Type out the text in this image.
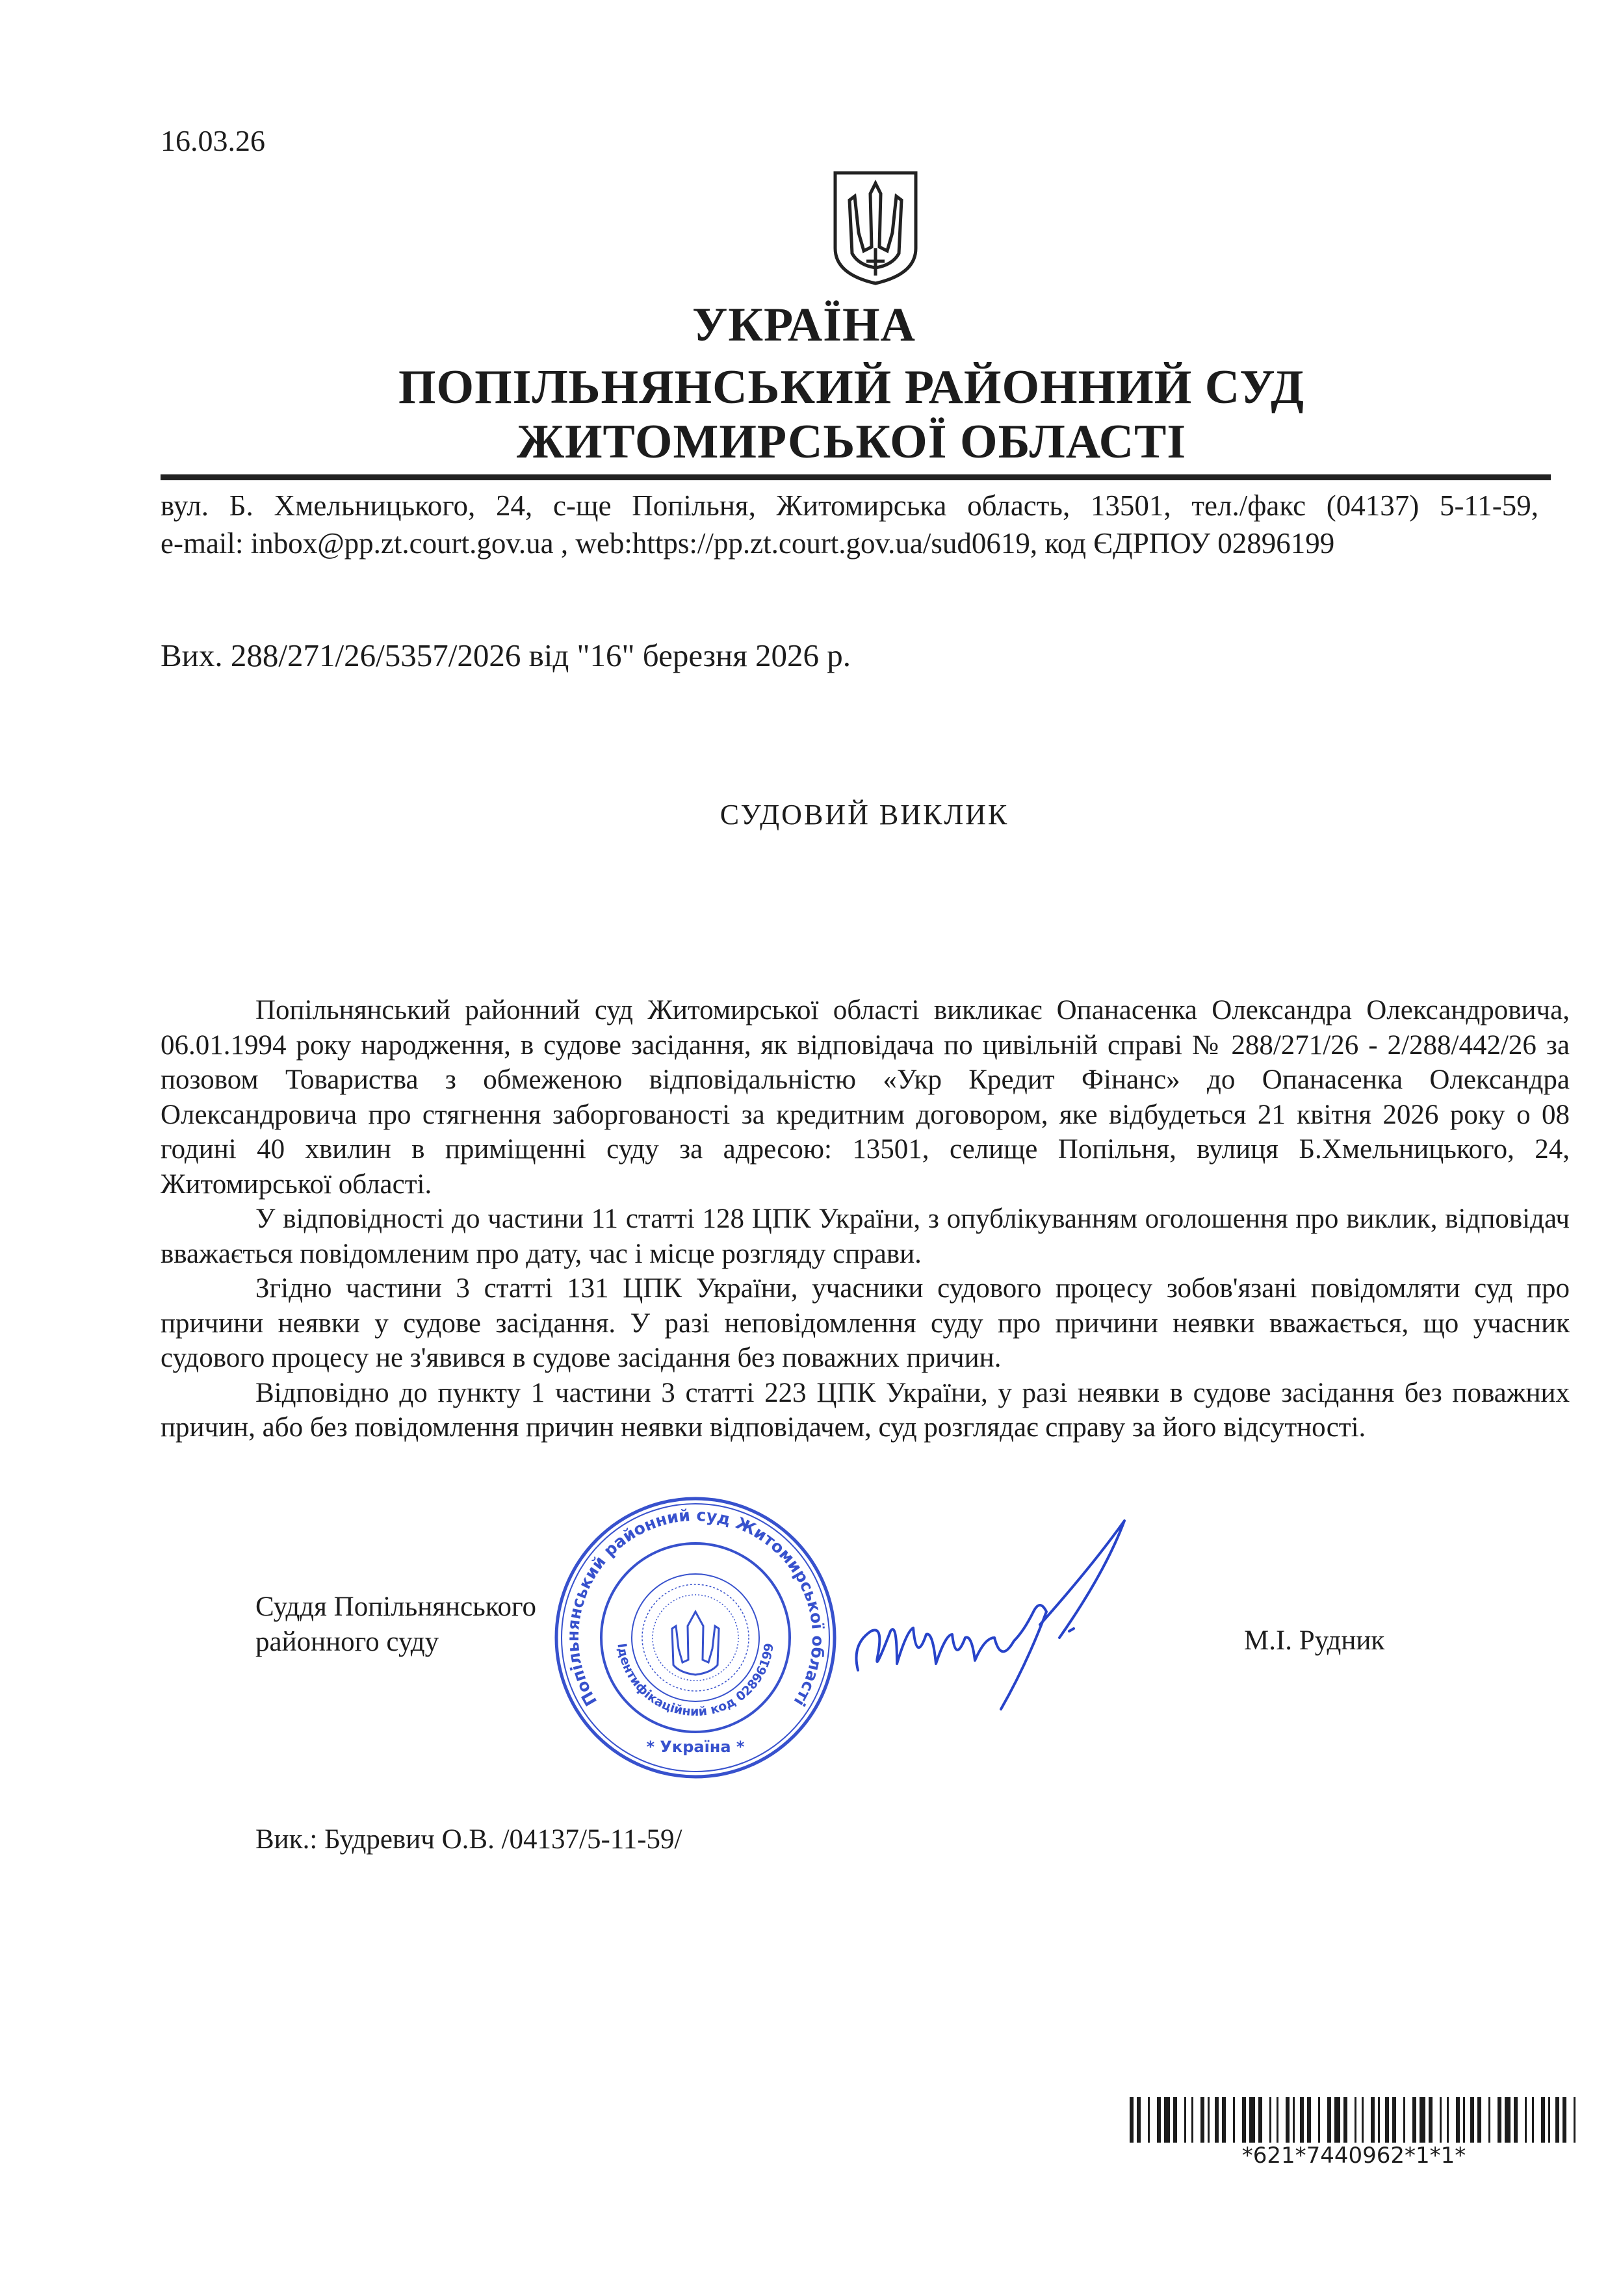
16.03.26
УКРАЇНА
ПОПІЛЬНЯНСЬКИЙ РАЙОННИЙ СУД
ЖИТОМИРСЬКОЇ ОБЛАСТІ
вул. Б. Хмельницького, 24, с-ще Попільня, Житомирська область, 13501, тел./факс (04137) 5-11-59,
e-mail: inbox@pp.zt.court.gov.ua , web:https://pp.zt.court.gov.ua/sud0619, код ЄДРПОУ 02896199
Вих. 288/271/26/5357/2026 від "16" березня 2026 р.
СУДОВИЙ ВИКЛИК

Попільнянський районний суд Житомирської області викликає Опанасенка Олександра Олександровича, 06.01.1994 року народження, в судове засідання, як відповідача по цивільній справі № 288/271/26 - 2/288/442/26 за позовом Товариства з обмеженою відповідальністю «Укр Кредит Фінанс» до Опанасенка Олександра Олександровича про стягнення заборгованості за кредитним договором, яке відбудеться 21 квітня 2026 року о 08 годині 40 хвилин в приміщенні суду за адресою: 13501, селище Попільня, вулиця Б.Хмельницького, 24, Житомирської області.

У відповідності до частини 11 статті 128 ЦПК України, з опублікуванням оголошення про виклик, відповідач вважається повідомленим про дату, час і місце розгляду справи.

Згідно частини 3 статті 131 ЦПК України, учасники судового процесу зобов'язані повідомляти суд про причини неявки у судове засідання. У разі неповідомлення суду про причини неявки вважається, що учасник судового процесу не з'явився в судове засідання без поважних причин.

Відповідно до пункту 1 частини 3 статті 223 ЦПК України, у разі неявки в судове засідання без поважних причин, або без повідомлення причин неявки відповідачем, суд розглядає справу за його відсутності.

Суддя Попільнянського
районного суду
Попільнянський районний суд Житомирської області
Ідентифікаційний код 02896199
* Україна *
М.І. Рудник
Вик.: Будревич О.В. /04137/5-11-59/
*621*7440962*1*1*
